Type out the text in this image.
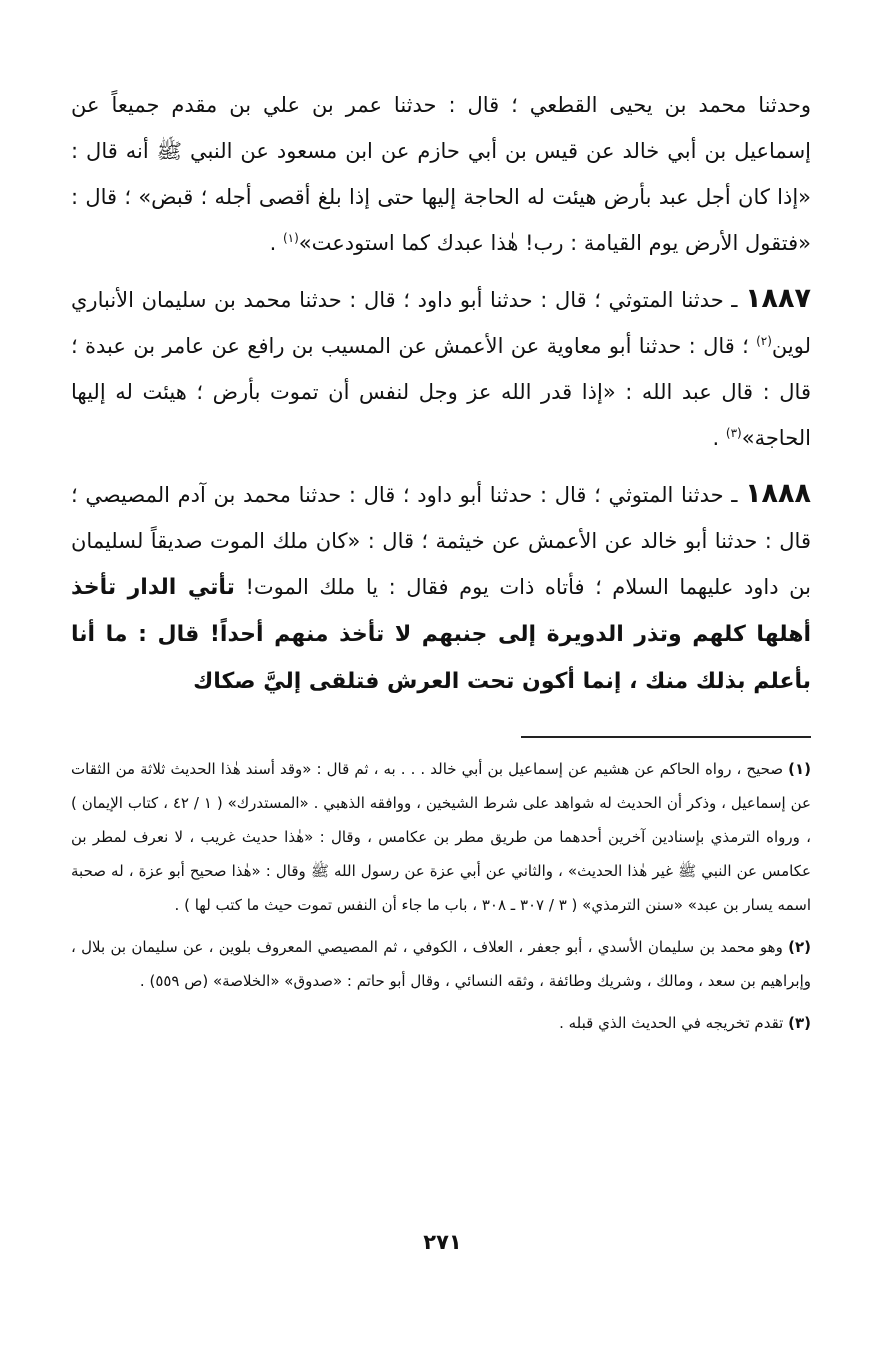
وحدثنا محمد بن يحيى القطعي ؛ قال : حدثنا عمر بن علي بن مقدم جميعاً عن إسماعيل بن أبي خالد عن قيس بن أبي حازم عن ابن مسعود عن النبي ﷺ أنه قال : «إذا كان أجل عبد بأرض هيئت له الحاجة إليها حتى إذا بلغ أقصى أجله ؛ قبض» ؛ قال : «فتقول الأرض يوم القيامة : رب! هٰذا عبدك كما استودعت»$^{(١)}$ .

١٨٨٧ ـ حدثنا المتوثي ؛ قال : حدثنا أبو داود ؛ قال : حدثنا محمد بن سليمان الأنباري لوين$^{(٢)}$ ؛ قال : حدثنا أبو معاوية عن الأعمش عن المسيب بن رافع عن عامر بن عبدة ؛ قال : قال عبد الله : «إذا قدر الله عز وجل لنفس أن تموت بأرض ؛ هيئت له إليها الحاجة»$^{(٣)}$ .

١٨٨٨ ـ حدثنا المتوثي ؛ قال : حدثنا أبو داود ؛ قال : حدثنا محمد بن آدم المصيصي ؛ قال : حدثنا أبو خالد عن الأعمش عن خيثمة ؛ قال : «كان ملك الموت صديقاً لسليمان بن داود عليهما السلام ؛ فأتاه ذات يوم فقال : يا ملك الموت! تأتي الدار تأخذ أهلها كلهم وتذر الدويرة إلى جنبهم لا تأخذ منهم أحداً! قال : ما أنا بأعلم بذلك منك ، إنما أكون تحت العرش فتلقى إليَّ صكاك

(١) صحيح ، رواه الحاكم عن هشيم عن إسماعيل بن أبي خالد . . . به ، ثم قال : «وقد أسند هٰذا الحديث ثلاثة من الثقات عن إسماعيل ، وذكر أن الحديث له شواهد على شرط الشيخين ، ووافقه الذهبي . «المستدرك» ( ١ / ٤٢ ، كتاب الإيمان ) ، ورواه الترمذي بإسنادين آخرين أحدهما من طريق مطر بن عكامس ، وقال : «هٰذا حديث غريب ، لا نعرف لمطر بن عكامس عن النبي ﷺ غير هٰذا الحديث» ، والثاني عن أبي عزة عن رسول الله ﷺ وقال : «هٰذا صحيح أبو عزة ، له صحبة اسمه يسار بن عبد» «سنن الترمذي» ( ٣ / ٣٠٧ ـ ٣٠٨ ، باب ما جاء أن النفس تموت حيث ما كتب لها ) .

(٢) وهو محمد بن سليمان الأسدي ، أبو جعفر ، العلاف ، الكوفي ، ثم المصيصي المعروف بلوين ، عن سليمان بن بلال ، وإبراهيم بن سعد ، ومالك ، وشريك وطائفة ، وثقه النسائي ، وقال أبو حاتم : «صدوق» «الخلاصة» (ص ٥٥٩) .

(٣) تقدم تخريجه في الحديث الذي قبله .

٢٧١
